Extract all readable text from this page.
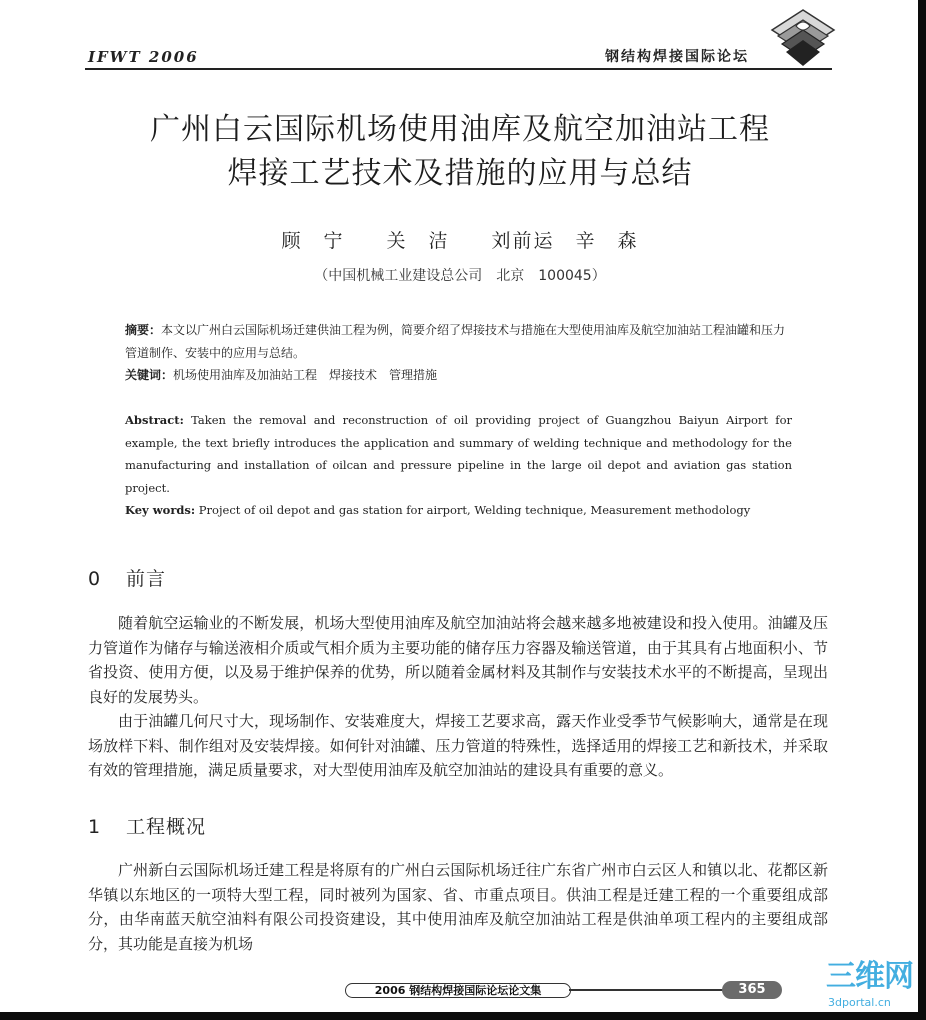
IFWT 2006	钢结构焊接国际论坛
广州白云国际机场使用油库及航空加油站工程
焊接工艺技术及措施的应用与总结
顾　宁　　关　洁　　刘前运　辛　森
（中国机械工业建设总公司　北京　100045）
摘要：本文以广州白云国际机场迁建供油工程为例，简要介绍了焊接技术与措施在大型使用油库及航空加油站工程油罐和压力管道制作、安装中的应用与总结。
关键词：机场使用油库及加油站工程　焊接技术　管理措施
Abstract: Taken the removal and reconstruction of oil providing project of Guangzhou Baiyun Airport for example, the text briefly introduces the application and summary of welding technique and methodology for the manufacturing and installation of oilcan and pressure pipeline in the large oil depot and aviation gas station project.
Key words: Project of oil depot and gas station for airport, Welding technique, Measurement methodology
0 前言
随着航空运输业的不断发展，机场大型使用油库及航空加油站将会越来越多地被建设和投入使用。油罐及压力管道作为储存与输送液相介质或气相介质为主要功能的储存压力容器及输送管道，由于其具有占地面积小、节省投资、使用方便，以及易于维护保养的优势，所以随着金属材料及其制作与安装技术水平的不断提高，呈现出良好的发展势头。
由于油罐几何尺寸大，现场制作、安装难度大，焊接工艺要求高，露天作业受季节气候影响大，通常是在现场放样下料、制作组对及安装焊接。如何针对油罐、压力管道的特殊性，选择适用的焊接工艺和新技术，并采取有效的管理措施，满足质量要求，对大型使用油库及航空加油站的建设具有重要的意义。
1 工程概况
广州新白云国际机场迁建工程是将原有的广州白云国际机场迁往广东省广州市白云区人和镇以北、花都区新华镇以东地区的一项特大型工程，同时被列为国家、省、市重点项目。供油工程是迁建工程的一个重要组成部分，由华南蓝天航空油料有限公司投资建设，其中使用油库及航空加油站工程是供油单项工程内的主要组成部分，其功能是直接为机场
2006 钢结构焊接国际论坛论文集	365	三维网
3dportal.cn
